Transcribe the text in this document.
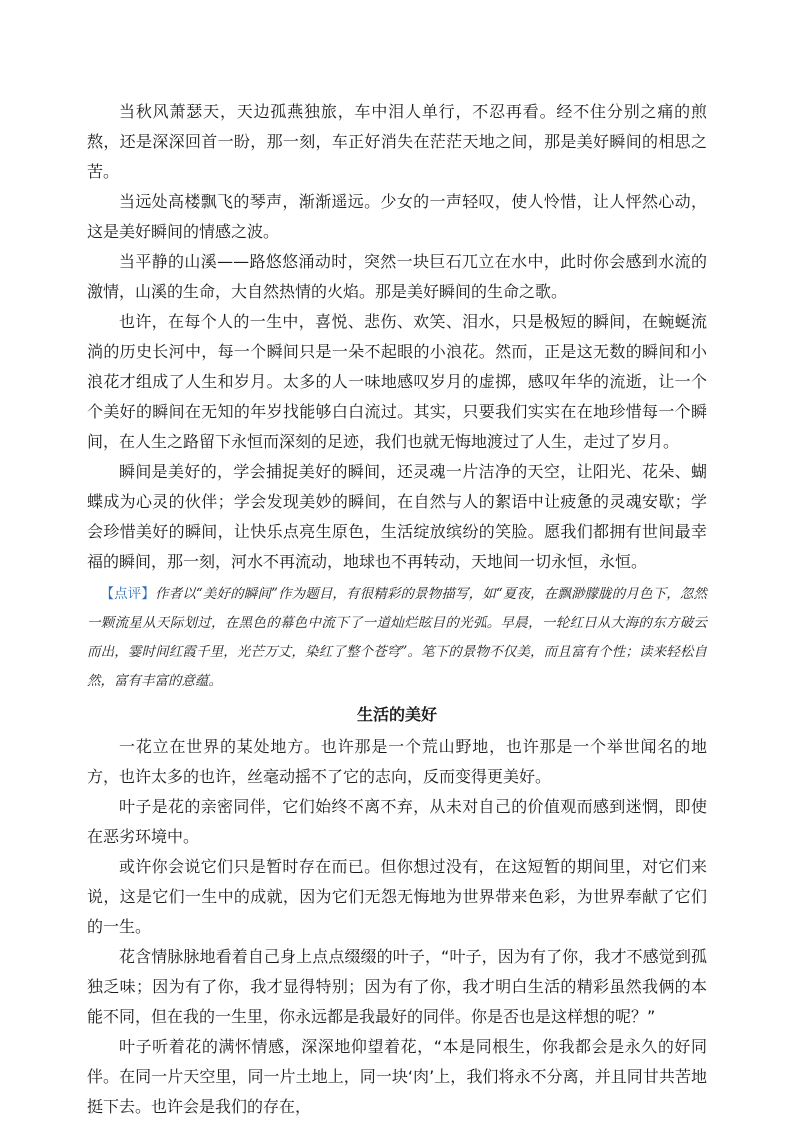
当秋风萧瑟天，天边孤燕独旅，车中泪人单行，不忍再看。经不住分别之痛的煎熬，还是深深回首一盼，那一刻，车正好消失在茫茫天地之间，那是美好瞬间的相思之苦。

当远处高楼飘飞的琴声，渐渐遥远。少女的一声轻叹，使人怜惜，让人怦然心动，这是美好瞬间的情感之波。

当平静的山溪——路悠悠涌动时，突然一块巨石兀立在水中，此时你会感到水流的激情，山溪的生命，大自然热情的火焰。那是美好瞬间的生命之歌。

也许，在每个人的一生中，喜悦、悲伤、欢笑、泪水，只是极短的瞬间，在蜿蜒流淌的历史长河中，每一个瞬间只是一朵不起眼的小浪花。然而，正是这无数的瞬间和小浪花才组成了人生和岁月。太多的人一味地感叹岁月的虚掷，感叹年华的流逝，让一个个美好的瞬间在无知的年岁找能够白白流过。其实，只要我们实实在在地珍惜每一个瞬间，在人生之路留下永恒而深刻的足迹，我们也就无悔地渡过了人生，走过了岁月。

瞬间是美好的，学会捕捉美好的瞬间，还灵魂一片洁净的天空，让阳光、花朵、蝴蝶成为心灵的伙伴；学会发现美妙的瞬间，在自然与人的絮语中让疲惫的灵魂安歇；学会珍惜美好的瞬间，让快乐点亮生原色，生活绽放缤纷的笑脸。愿我们都拥有世间最幸福的瞬间，那一刻，河水不再流动，地球也不再转动，天地间一切永恒，永恒。

【点评】作者以“美好的瞬间”作为题目，有很精彩的景物描写，如“夏夜，在飘渺朦胧的月色下，忽然一颗流星从天际划过，在黑色的幕色中流下了一道灿烂眩目的光弧。早晨，一轮红日从大海的东方破云而出，霎时间红霞千里，光芒万丈，染红了整个苍穹”。笔下的景物不仅美，而且富有个性；读来轻松自然，富有丰富的意蕴。

生活的美好

一花立在世界的某处地方。也许那是一个荒山野地，也许那是一个举世闻名的地方，也许太多的也许，丝毫动摇不了它的志向，反而变得更美好。

叶子是花的亲密同伴，它们始终不离不弃，从未对自己的价值观而感到迷惘，即使在恶劣环境中。

或许你会说它们只是暂时存在而已。但你想过没有，在这短暂的期间里，对它们来说，这是它们一生中的成就，因为它们无怨无悔地为世界带来色彩，为世界奉献了它们的一生。

花含情脉脉地看着自己身上点点缀缀的叶子，“叶子，因为有了你，我才不感觉到孤独乏味；因为有了你，我才显得特别；因为有了你，我才明白生活的精彩虽然我俩的本能不同，但在我的一生里，你永远都是我最好的同伴。你是否也是这样想的呢？”

叶子听着花的满怀情感，深深地仰望着花，“本是同根生，你我都会是永久的好同伴。在同一片天空里，同一片土地上，同一块‘肉’上，我们将永不分离，并且同甘共苦地挺下去。也许会是我们的存在，
